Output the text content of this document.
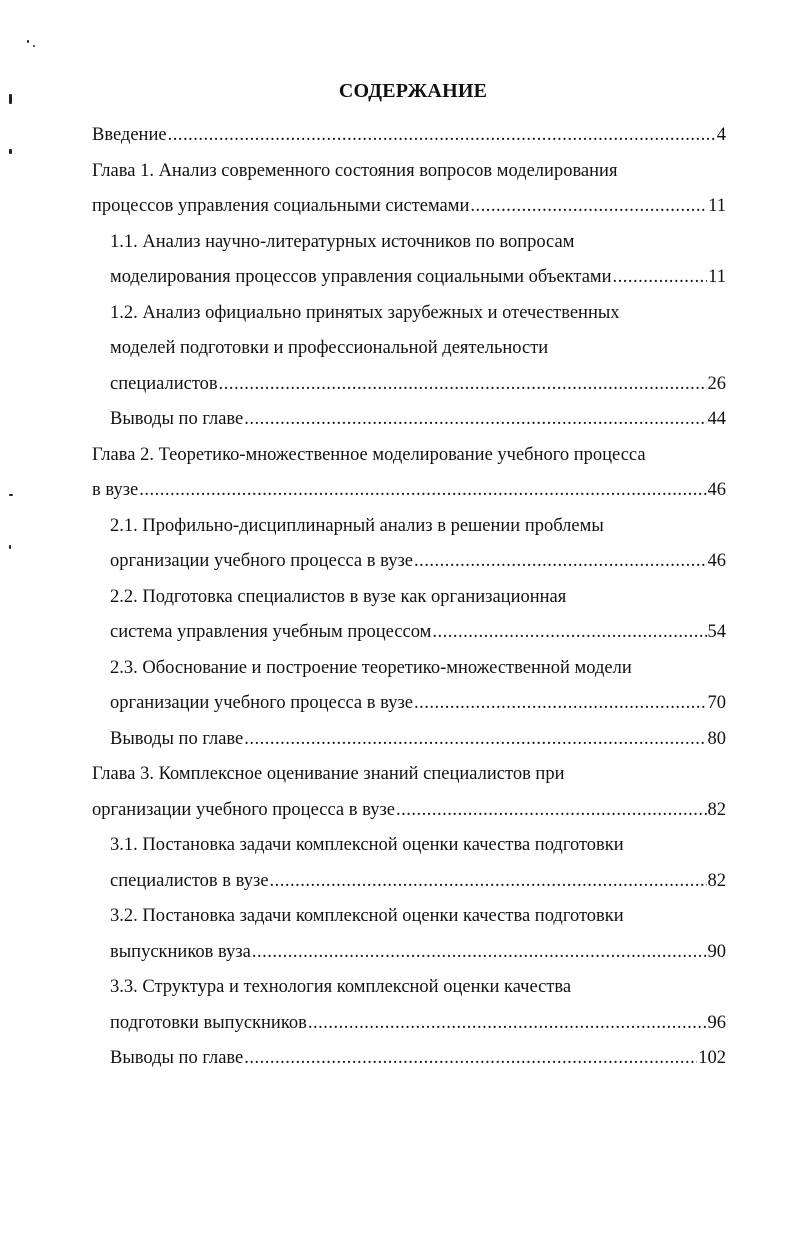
СОДЕРЖАНИЕ
Введение .....	4
Глава 1. Анализ современного состояния вопросов моделирования
процессов управления социальными системами .....	11
1.1. Анализ научно-литературных источников по вопросам
моделирования процессов управления социальными объектами .....	11
1.2. Анализ официально принятых зарубежных и отечественных
моделей подготовки и профессиональной деятельности
специалистов .....	26
Выводы по главе .....	44
Глава 2. Теоретико-множественное моделирование учебного процесса
в вузе .....	46
2.1. Профильно-дисциплинарный анализ в решении проблемы
организации учебного процесса в вузе .....	46
2.2. Подготовка специалистов в вузе как организационная
система управления учебным процессом .....	54
2.3. Обоснование и построение теоретико-множественной модели
организации учебного процесса в вузе .....	70
Выводы по главе .....	80
Глава 3. Комплексное оценивание знаний специалистов при
организации учебного процесса в вузе .....	82
3.1. Постановка задачи комплексной оценки качества подготовки
специалистов в вузе .....	82
3.2. Постановка задачи комплексной оценки качества подготовки
выпускников вуза .....	90
3.3. Структура и технология комплексной оценки качества
подготовки выпускников .....	96
Выводы по главе .....	102
